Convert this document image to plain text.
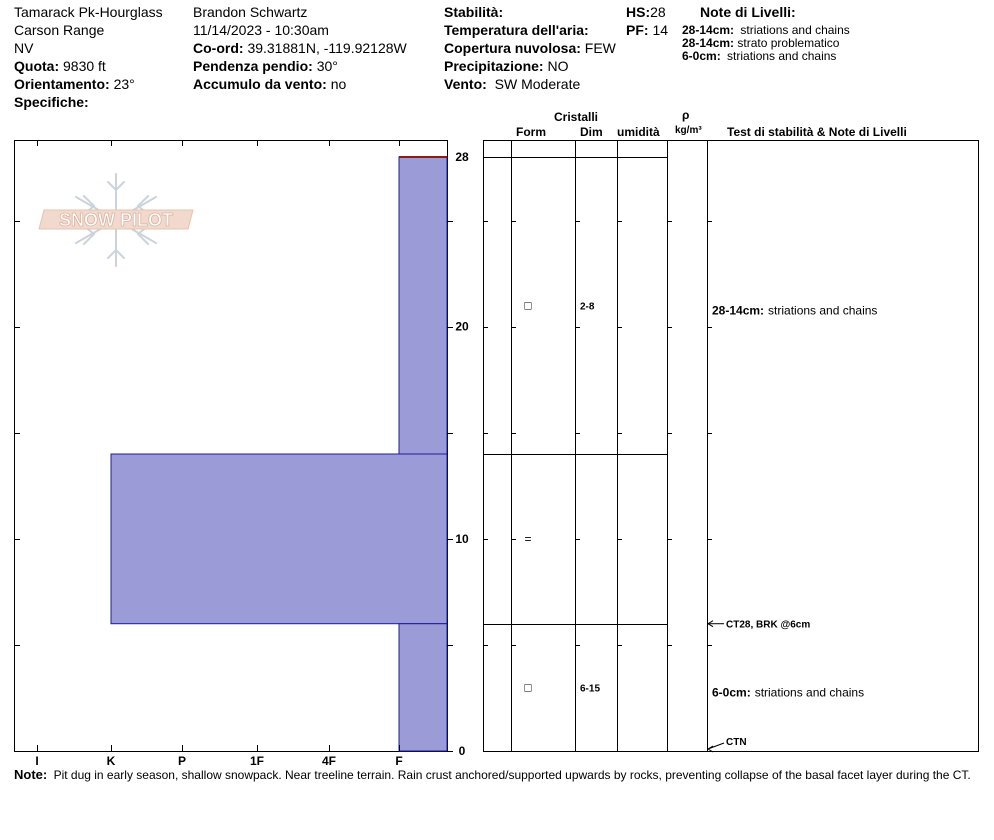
Tamarack Pk-Hourglass
Carson Range
NV
Quota: 9830 ft
Orientamento: 23°
Specifiche:
Brandon Schwartz
11/14/2023 - 10:30am
Co-ord: 39.31881N, -119.92128W
Pendenza pendio: 30°
Accumulo da vento: no
Stabilità:
Temperatura dell'aria:
Copertura nuvolosa: FEW
Precipitazione: NO
Vento: SW Moderate
HS:28
PF: 14
Note di Livelli:
28-14cm: striations and chains
28-14cm: strato problematico
6-0cm: striations and chains
Cristalli
Form	Dim umidità
ρ
kg/m³ Test di stabilità & Note di Livelli
SNOW PILOT
I	K	P	1F	4F	F
0
10
20
28
□	2-8	28-14cm: striations and chains
=
□	6-15	6-0cm: striations and chains
CT28, BRK @6cm
CTN
Note: Pit dug in early season, shallow snowpack. Near treeline terrain. Rain crust anchored/supported upwards by rocks, preventing collapse of the basal facet layer during the CT.
